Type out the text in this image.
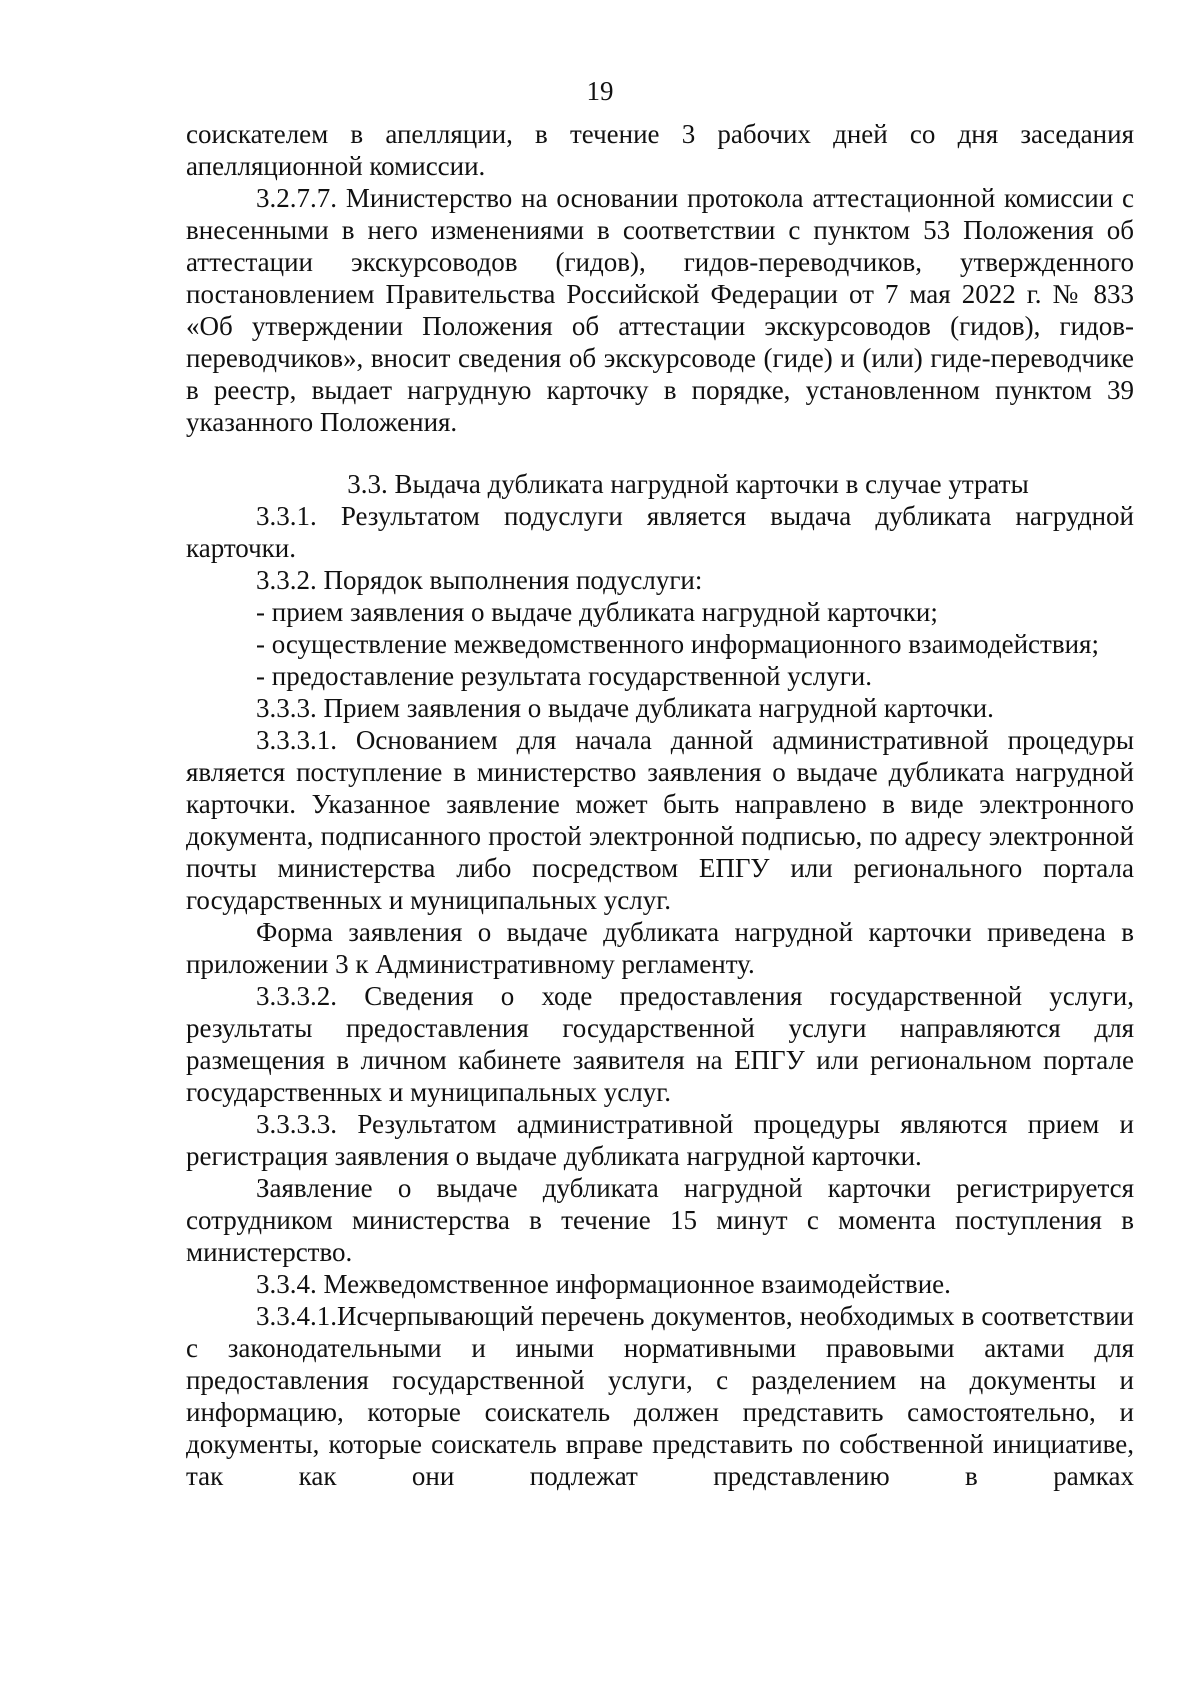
19

соискателем в апелляции, в течение 3 рабочих дней со дня заседания апелляционной комиссии.

3.2.7.7. Министерство на основании протокола аттестационной комиссии с внесенными в него изменениями в соответствии с пунктом 53 Положения об аттестации экскурсоводов (гидов), гидов-переводчиков, утвержденного постановлением Правительства Российской Федерации от 7 мая 2022 г. № 833 «Об утверждении Положения об аттестации экскурсоводов (гидов), гидов-переводчиков», вносит сведения об экскурсоводе (гиде) и (или) гиде-переводчике в реестр, выдает нагрудную карточку в порядке, установленном пунктом 39 указанного Положения.

3.3. Выдача дубликата нагрудной карточки в случае утраты

3.3.1. Результатом подуслуги является выдача дубликата нагрудной карточки.

3.3.2. Порядок выполнения подуслуги:

- прием заявления о выдаче дубликата нагрудной карточки;

- осуществление межведомственного информационного взаимодействия;

- предоставление результата государственной услуги.

3.3.3. Прием заявления о выдаче дубликата нагрудной карточки.

3.3.3.1. Основанием для начала данной административной процедуры является поступление в министерство заявления о выдаче дубликата нагрудной карточки. Указанное заявление может быть направлено в виде электронного документа, подписанного простой электронной подписью, по адресу электронной почты министерства либо посредством ЕПГУ или регионального портала государственных и муниципальных услуг.

Форма заявления о выдаче дубликата нагрудной карточки приведена в приложении 3 к Административному регламенту.

3.3.3.2. Сведения о ходе предоставления государственной услуги, результаты предоставления государственной услуги направляются для размещения в личном кабинете заявителя на ЕПГУ или региональном портале государственных и муниципальных услуг.

3.3.3.3. Результатом административной процедуры являются прием и регистрация заявления о выдаче дубликата нагрудной карточки.

Заявление о выдаче дубликата нагрудной карточки регистрируется сотрудником министерства в течение 15 минут с момента поступления в министерство.

3.3.4. Межведомственное информационное взаимодействие.

3.3.4.1.Исчерпывающий перечень документов, необходимых в соответствии с законодательными и иными нормативными правовыми актами для предоставления государственной услуги, с разделением на документы и информацию, которые соискатель должен представить самостоятельно, и документы, которые соискатель вправе представить по собственной инициативе, так как они подлежат представлению в рамках
